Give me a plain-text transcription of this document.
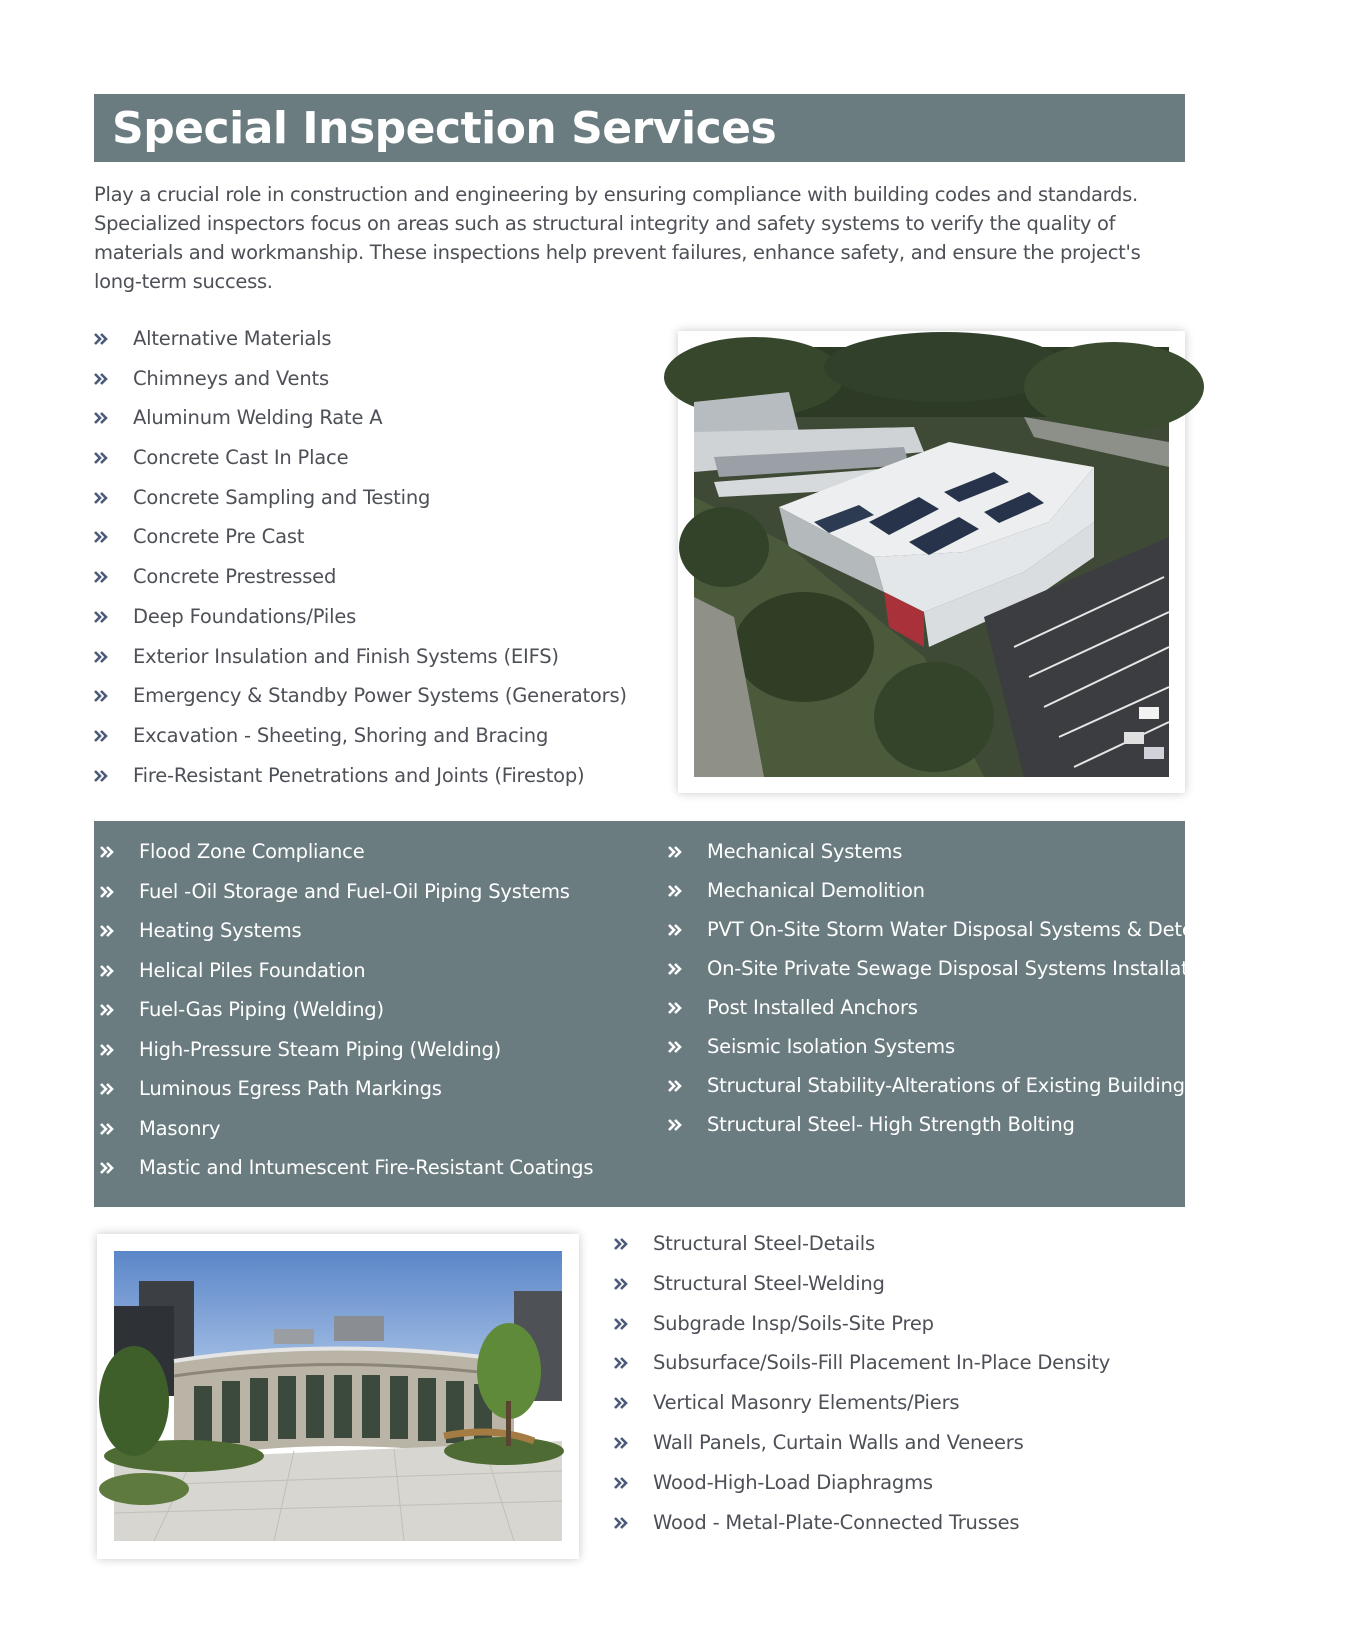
Special Inspection Services

Play a crucial role in construction and engineering by ensuring compliance with building codes and standards. Specialized inspectors focus on areas such as structural integrity and safety systems to verify the quality of materials and workmanship. These inspections help prevent failures, enhance safety, and ensure the project's long-term success.

Alternative Materials
Chimneys and Vents
Aluminum Welding Rate A
Concrete Cast In Place
Concrete Sampling and Testing
Concrete Pre Cast
Concrete Prestressed
Deep Foundations/Piles
Exterior Insulation and Finish Systems (EIFS)
Emergency & Standby Power Systems (Generators)
Excavation - Sheeting, Shoring and Bracing
Fire-Resistant Penetrations and Joints (Firestop)
Flood Zone Compliance
Fuel -Oil Storage and Fuel-Oil Piping Systems
Heating Systems
Helical Piles Foundation
Fuel-Gas Piping (Welding)
High-Pressure Steam Piping (Welding)
Luminous Egress Path Markings
Masonry
Mastic and Intumescent Fire-Resistant Coatings
Mechanical Systems
Mechanical Demolition
PVT On-Site Storm Water Disposal Systems & Detention Facl., Insta
On-Site Private Sewage Disposal Systems Installation
Post Installed Anchors
Seismic Isolation Systems
Structural Stability-Alterations of Existing Buildings
Structural Steel- High Strength Bolting
Structural Steel-Details
Structural Steel-Welding
Subgrade Insp/Soils-Site Prep
Subsurface/Soils-Fill Placement In-Place Density
Vertical Masonry Elements/Piers
Wall Panels, Curtain Walls and Veneers
Wood-High-Load Diaphragms
Wood - Metal-Plate-Connected Trusses
